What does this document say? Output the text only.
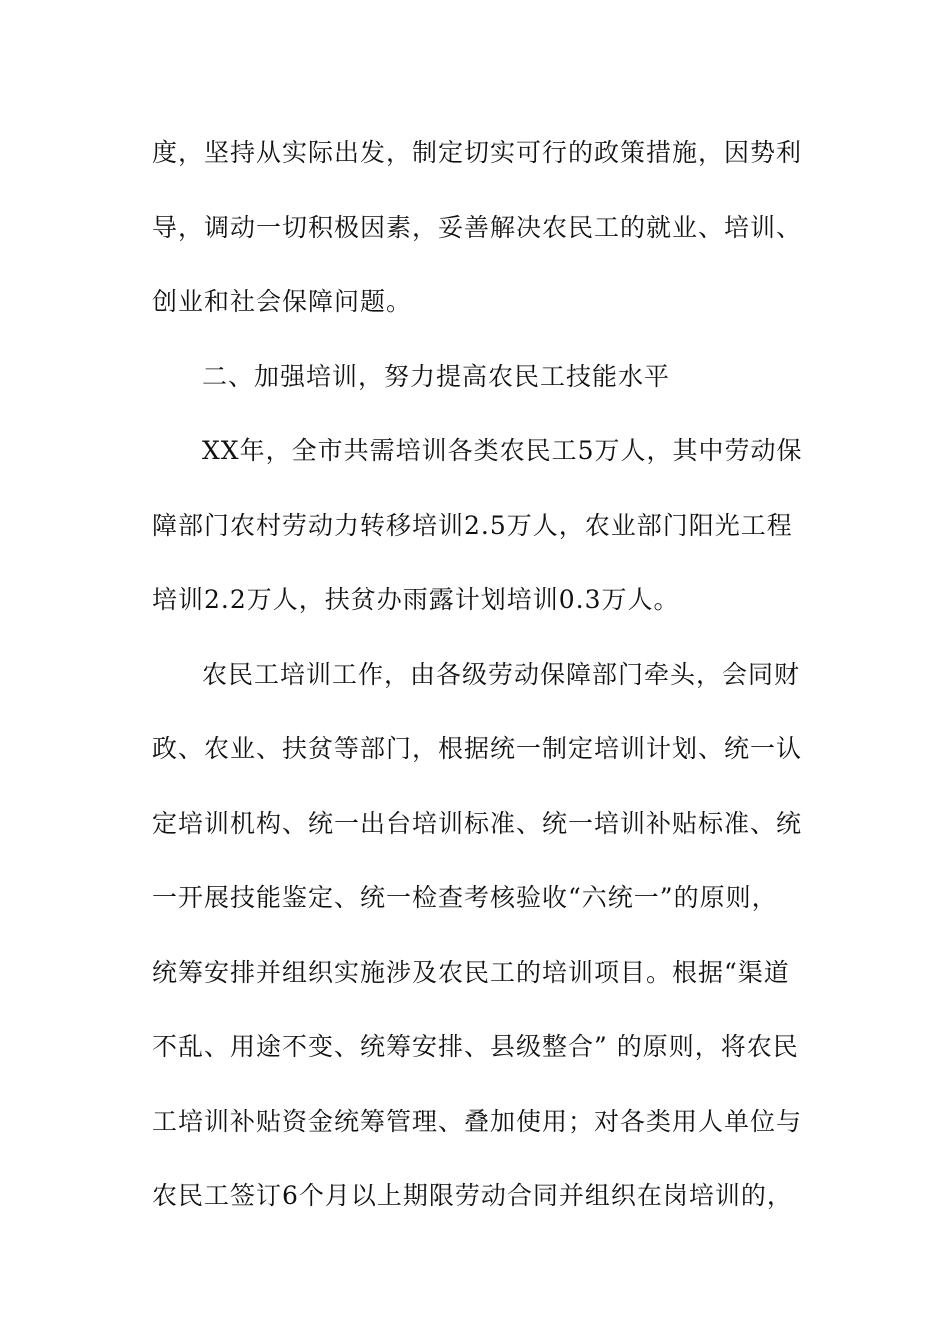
度，坚持从实际出发，制定切实可行的政策措施，因势利
导，调动一切积极因素，妥善解决农民工的就业、培训、
创业和社会保障问题。
二、加强培训，努力提高农民工技能水平
XX年，全市共需培训各类农民工5万人，其中劳动保
障部门农村劳动力转移培训2.5万人，农业部门阳光工程
培训2.2万人，扶贫办雨露计划培训0.3万人。
农民工培训工作，由各级劳动保障部门牵头，会同财
政、农业、扶贫等部门，根据统一制定培训计划、统一认
定培训机构、统一出台培训标准、统一培训补贴标准、统
一开展技能鉴定、统一检查考核验收“六统一”的原则，
统筹安排并组织实施涉及农民工的培训项目。根据“渠道
不乱、用途不变、统筹安排、县级整合” 的原则，将农民
工培训补贴资金统筹管理、叠加使用；对各类用人单位与
农民工签订6个月以上期限劳动合同并组织在岗培训的，
